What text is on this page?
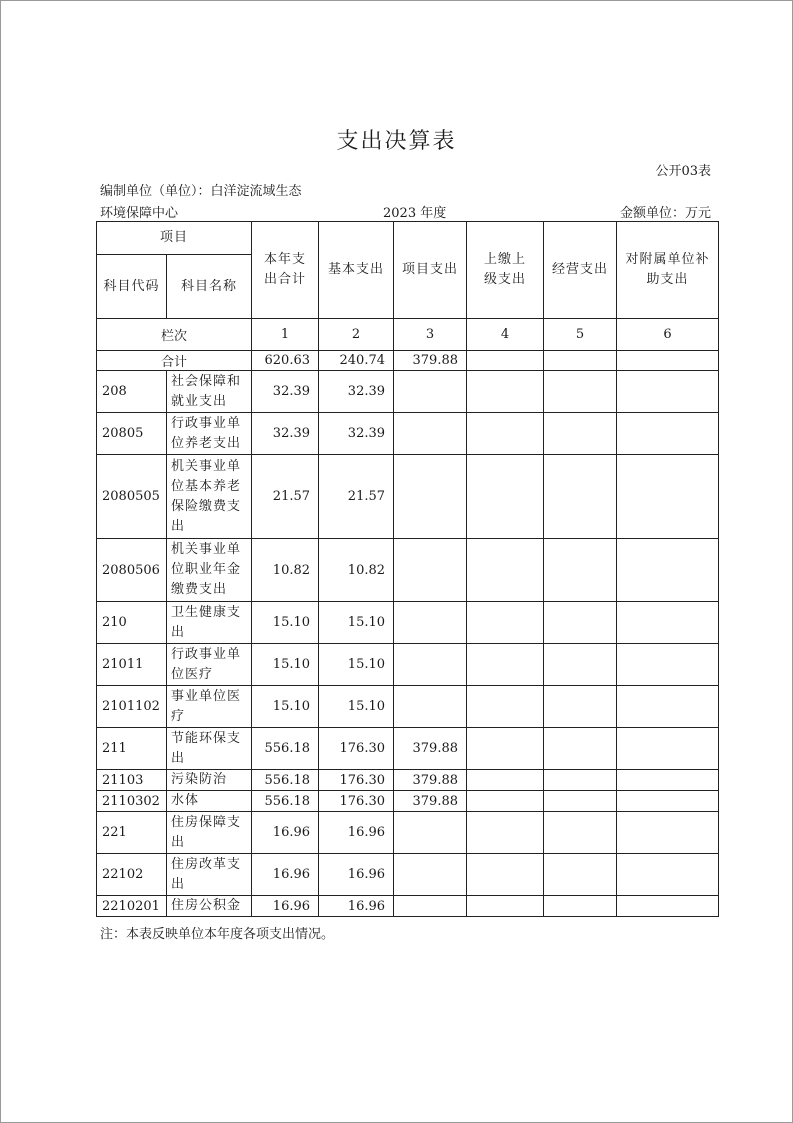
支出决算表
公开03表
编制单位（单位）：白洋淀流域生态
环境保障中心	2023 年度	金额单位：万元
项目		本年支出合计	基本支出	项目支出	上缴上级支出	经营支出	对附属单位补助支出

科目代码	科目名称						
栏次		1	2	3	4	5	6
合计		620.63	240.74	379.88			
208	社会保障和就业支出	32.39	32.39				
20805	行政事业单位养老支出	32.39	32.39				
2080505	机关事业单位基本养老保险缴费支出	21.57	21.57				
2080506	机关事业单位职业年金缴费支出	10.82	10.82				
210	卫生健康支出	15.10	15.10				
21011	行政事业单位医疗	15.10	15.10				
2101102	事业单位医疗	15.10	15.10				
211	节能环保支出	556.18	176.30	379.88			
21103	污染防治	556.18	176.30	379.88			
2110302	水体	556.18	176.30	379.88			
221	住房保障支出	16.96	16.96				
22102	住房改革支出	16.96	16.96				
2210201	住房公积金	16.96	16.96				
注：本表反映单位本年度各项支出情况。
